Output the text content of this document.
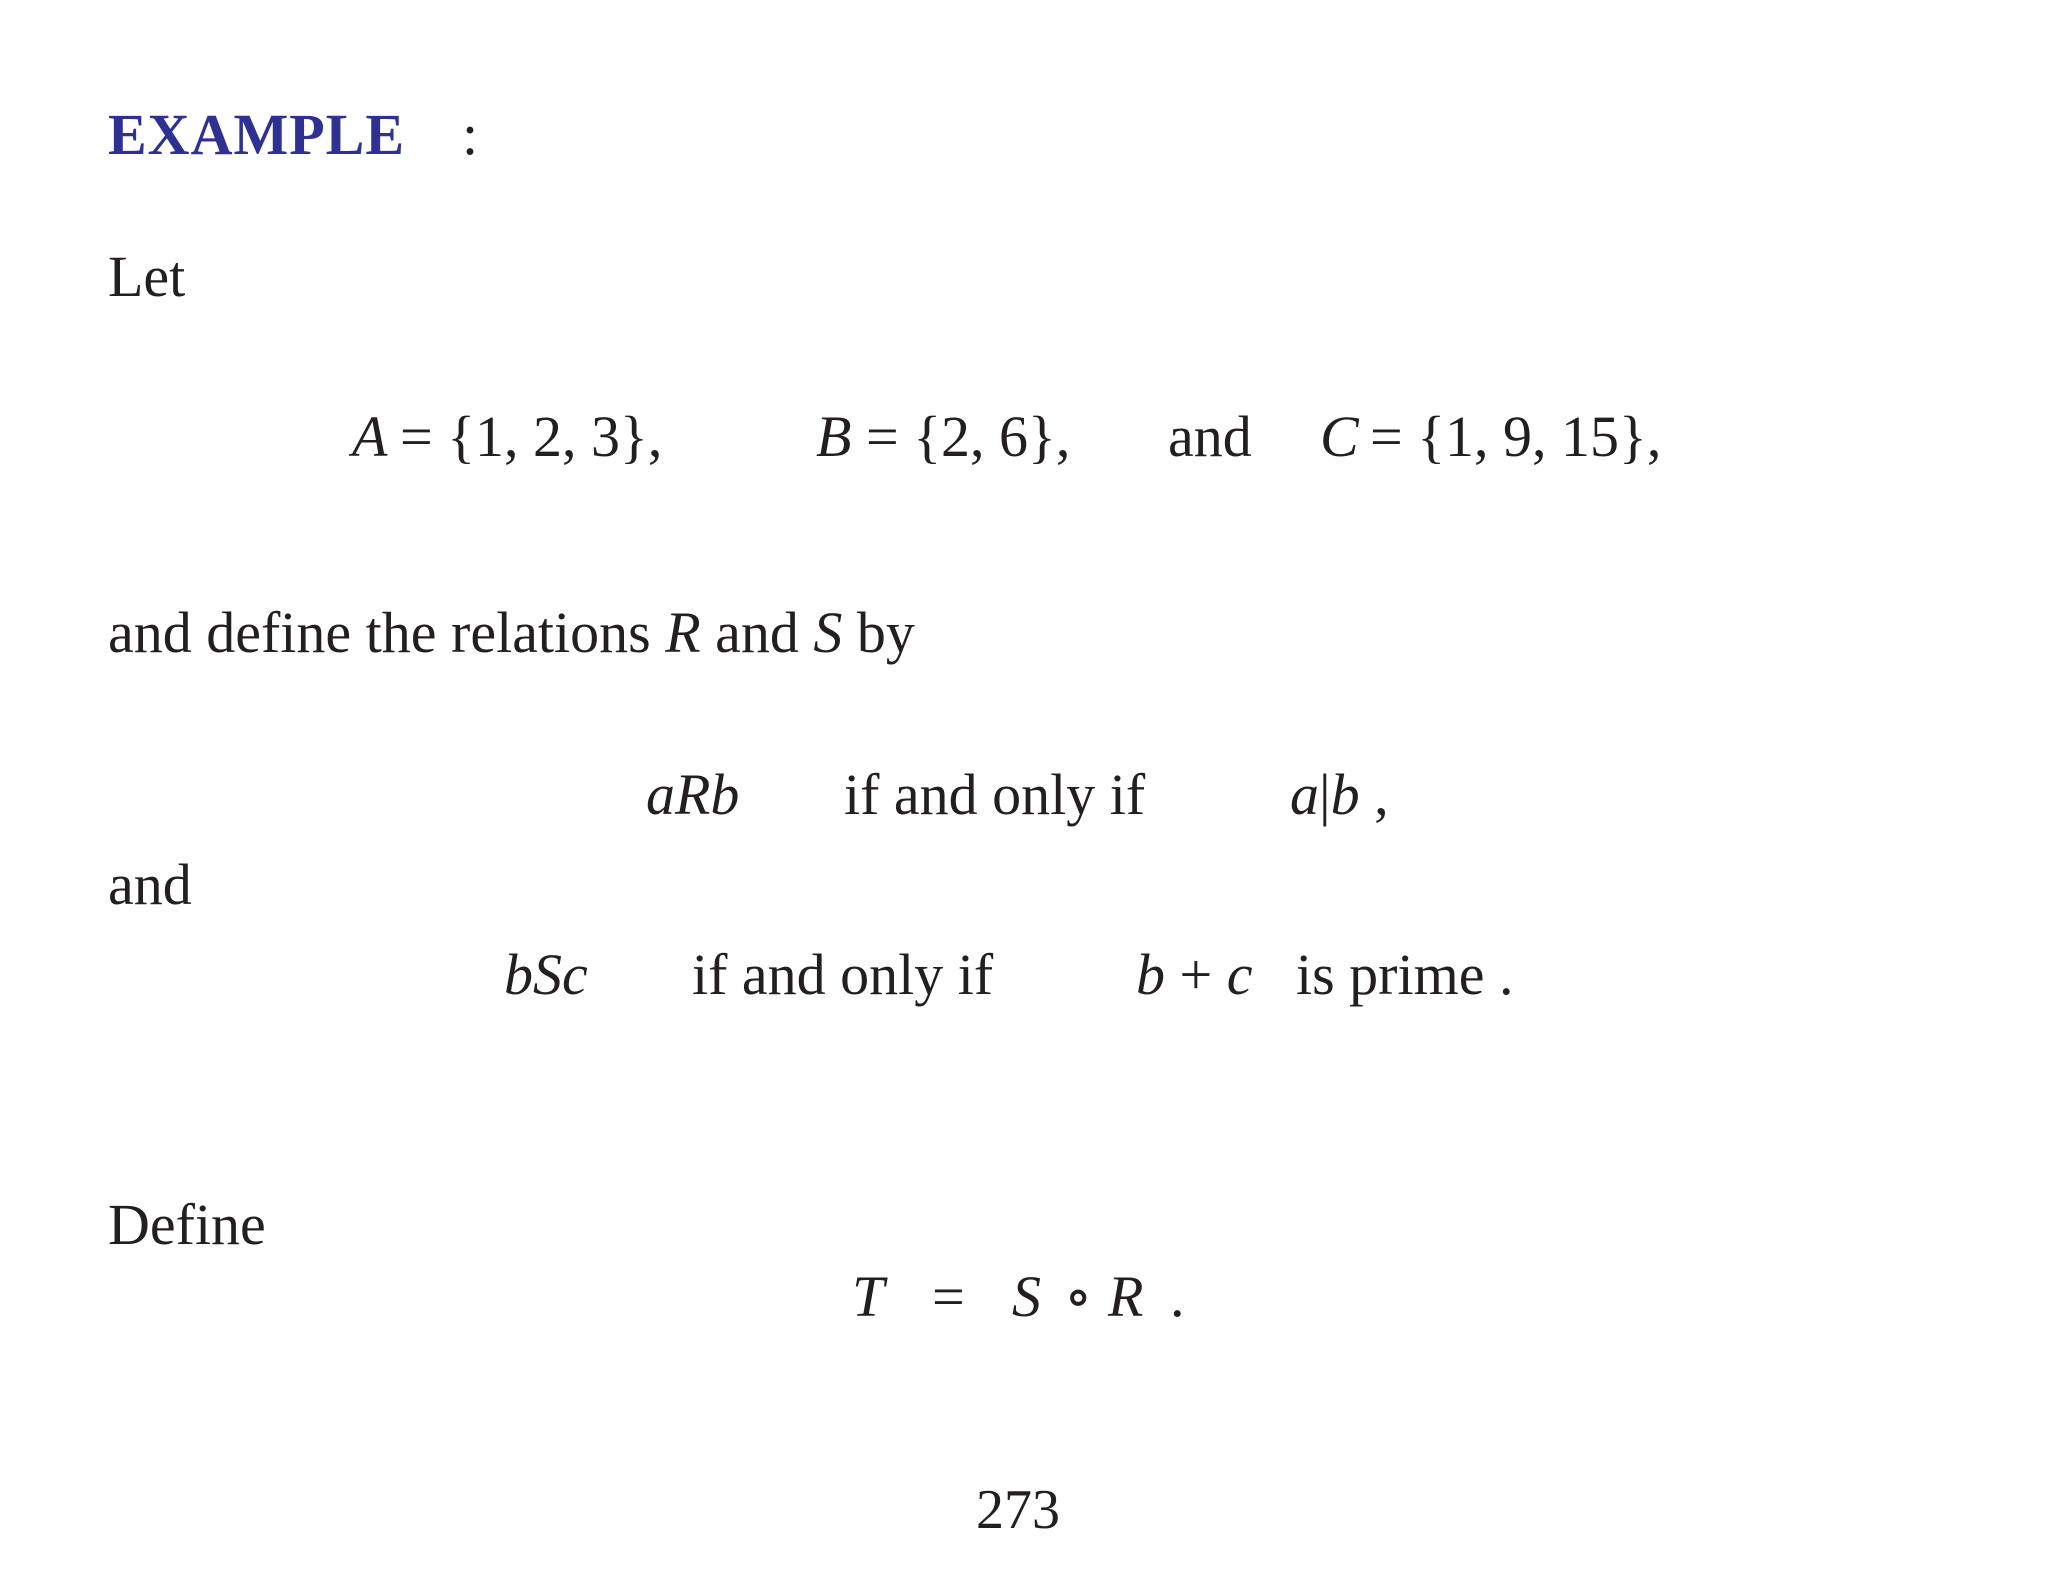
EXAMPLE :
Let
A = {1, 2, 3},	B = {2, 6}, and C = {1, 9, 15},
and define the relations R and S by
aRb if and only if a|b ,
and
bSc if and only if b + c is prime .
Define
T = S ∘ R .
273
